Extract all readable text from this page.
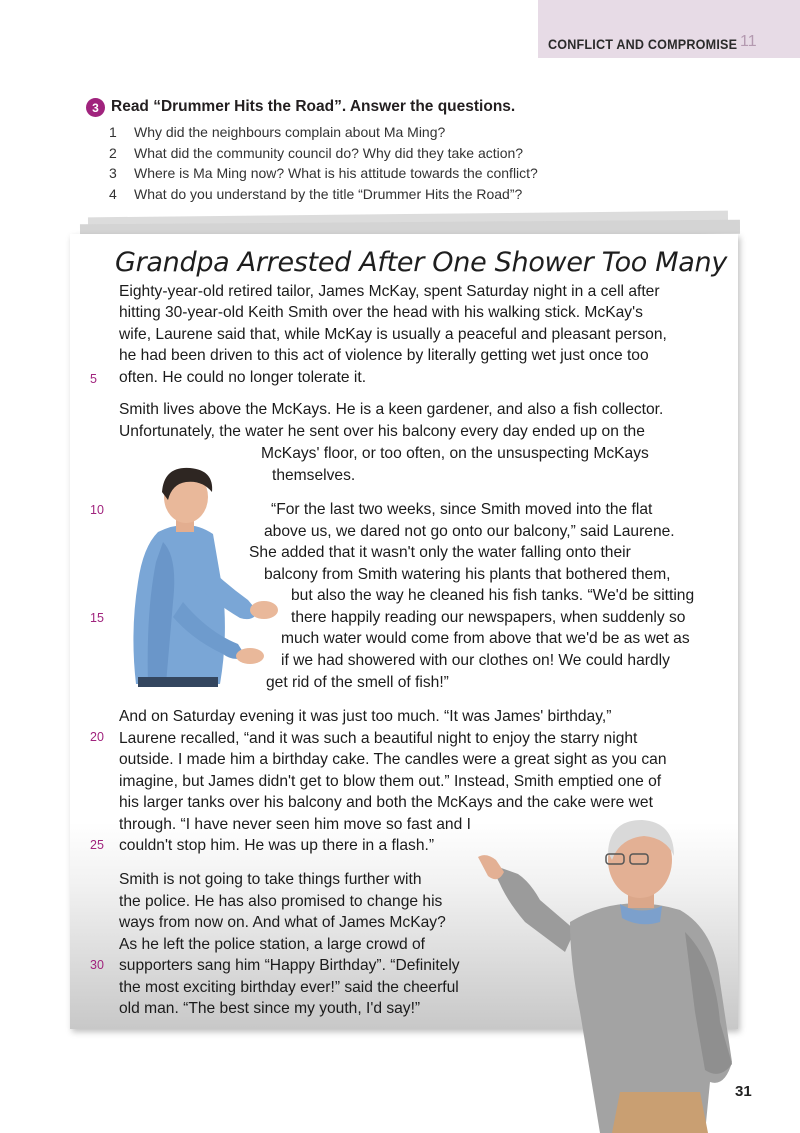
CONFLICT AND COMPROMISE 11
3 Read “Drummer Hits the Road”. Answer the questions.
1 Why did the neighbours complain about Ma Ming?
2 What did the community council do? Why did they take action?
3 Where is Ma Ming now? What is his attitude towards the conflict?
4 What do you understand by the title “Drummer Hits the Road”?
Grandpa Arrested After One Shower Too Many
Eighty-year-old retired tailor, James McKay, spent Saturday night in a cell after
hitting 30-year-old Keith Smith over the head with his walking stick. McKay's
wife, Laurene said that, while McKay is usually a peaceful and pleasant person,
he had been driven to this act of violence by literally getting wet just once too
often. He could no longer tolerate it.
Smith lives above the McKays. He is a keen gardener, and also a fish collector.
Unfortunately, the water he sent over his balcony every day ended up on the
McKays' floor, or too often, on the unsuspecting McKays
themselves.
“For the last two weeks, since Smith moved into the flat
above us, we dared not go onto our balcony,” said Laurene.
She added that it wasn't only the water falling onto their
balcony from Smith watering his plants that bothered them,
but also the way he cleaned his fish tanks. “We'd be sitting
there happily reading our newspapers, when suddenly so
much water would come from above that we'd be as wet as
if we had showered with our clothes on! We could hardly
get rid of the smell of fish!”
And on Saturday evening it was just too much. “It was James' birthday,”
Laurene recalled, “and it was such a beautiful night to enjoy the starry night
outside. I made him a birthday cake. The candles were a great sight as you can
imagine, but James didn't get to blow them out.” Instead, Smith emptied one of
his larger tanks over his balcony and both the McKays and the cake were wet
through. “I have never seen him move so fast and I
couldn't stop him. He was up there in a flash.”
Smith is not going to take things further with
the police. He has also promised to change his
ways from now on. And what of James McKay?
As he left the police station, a large crowd of
supporters sang him “Happy Birthday”. “Definitely
the most exciting birthday ever!” said the cheerful
old man. “The best since my youth, I'd say!”
5
10
15
20
25
30
31
